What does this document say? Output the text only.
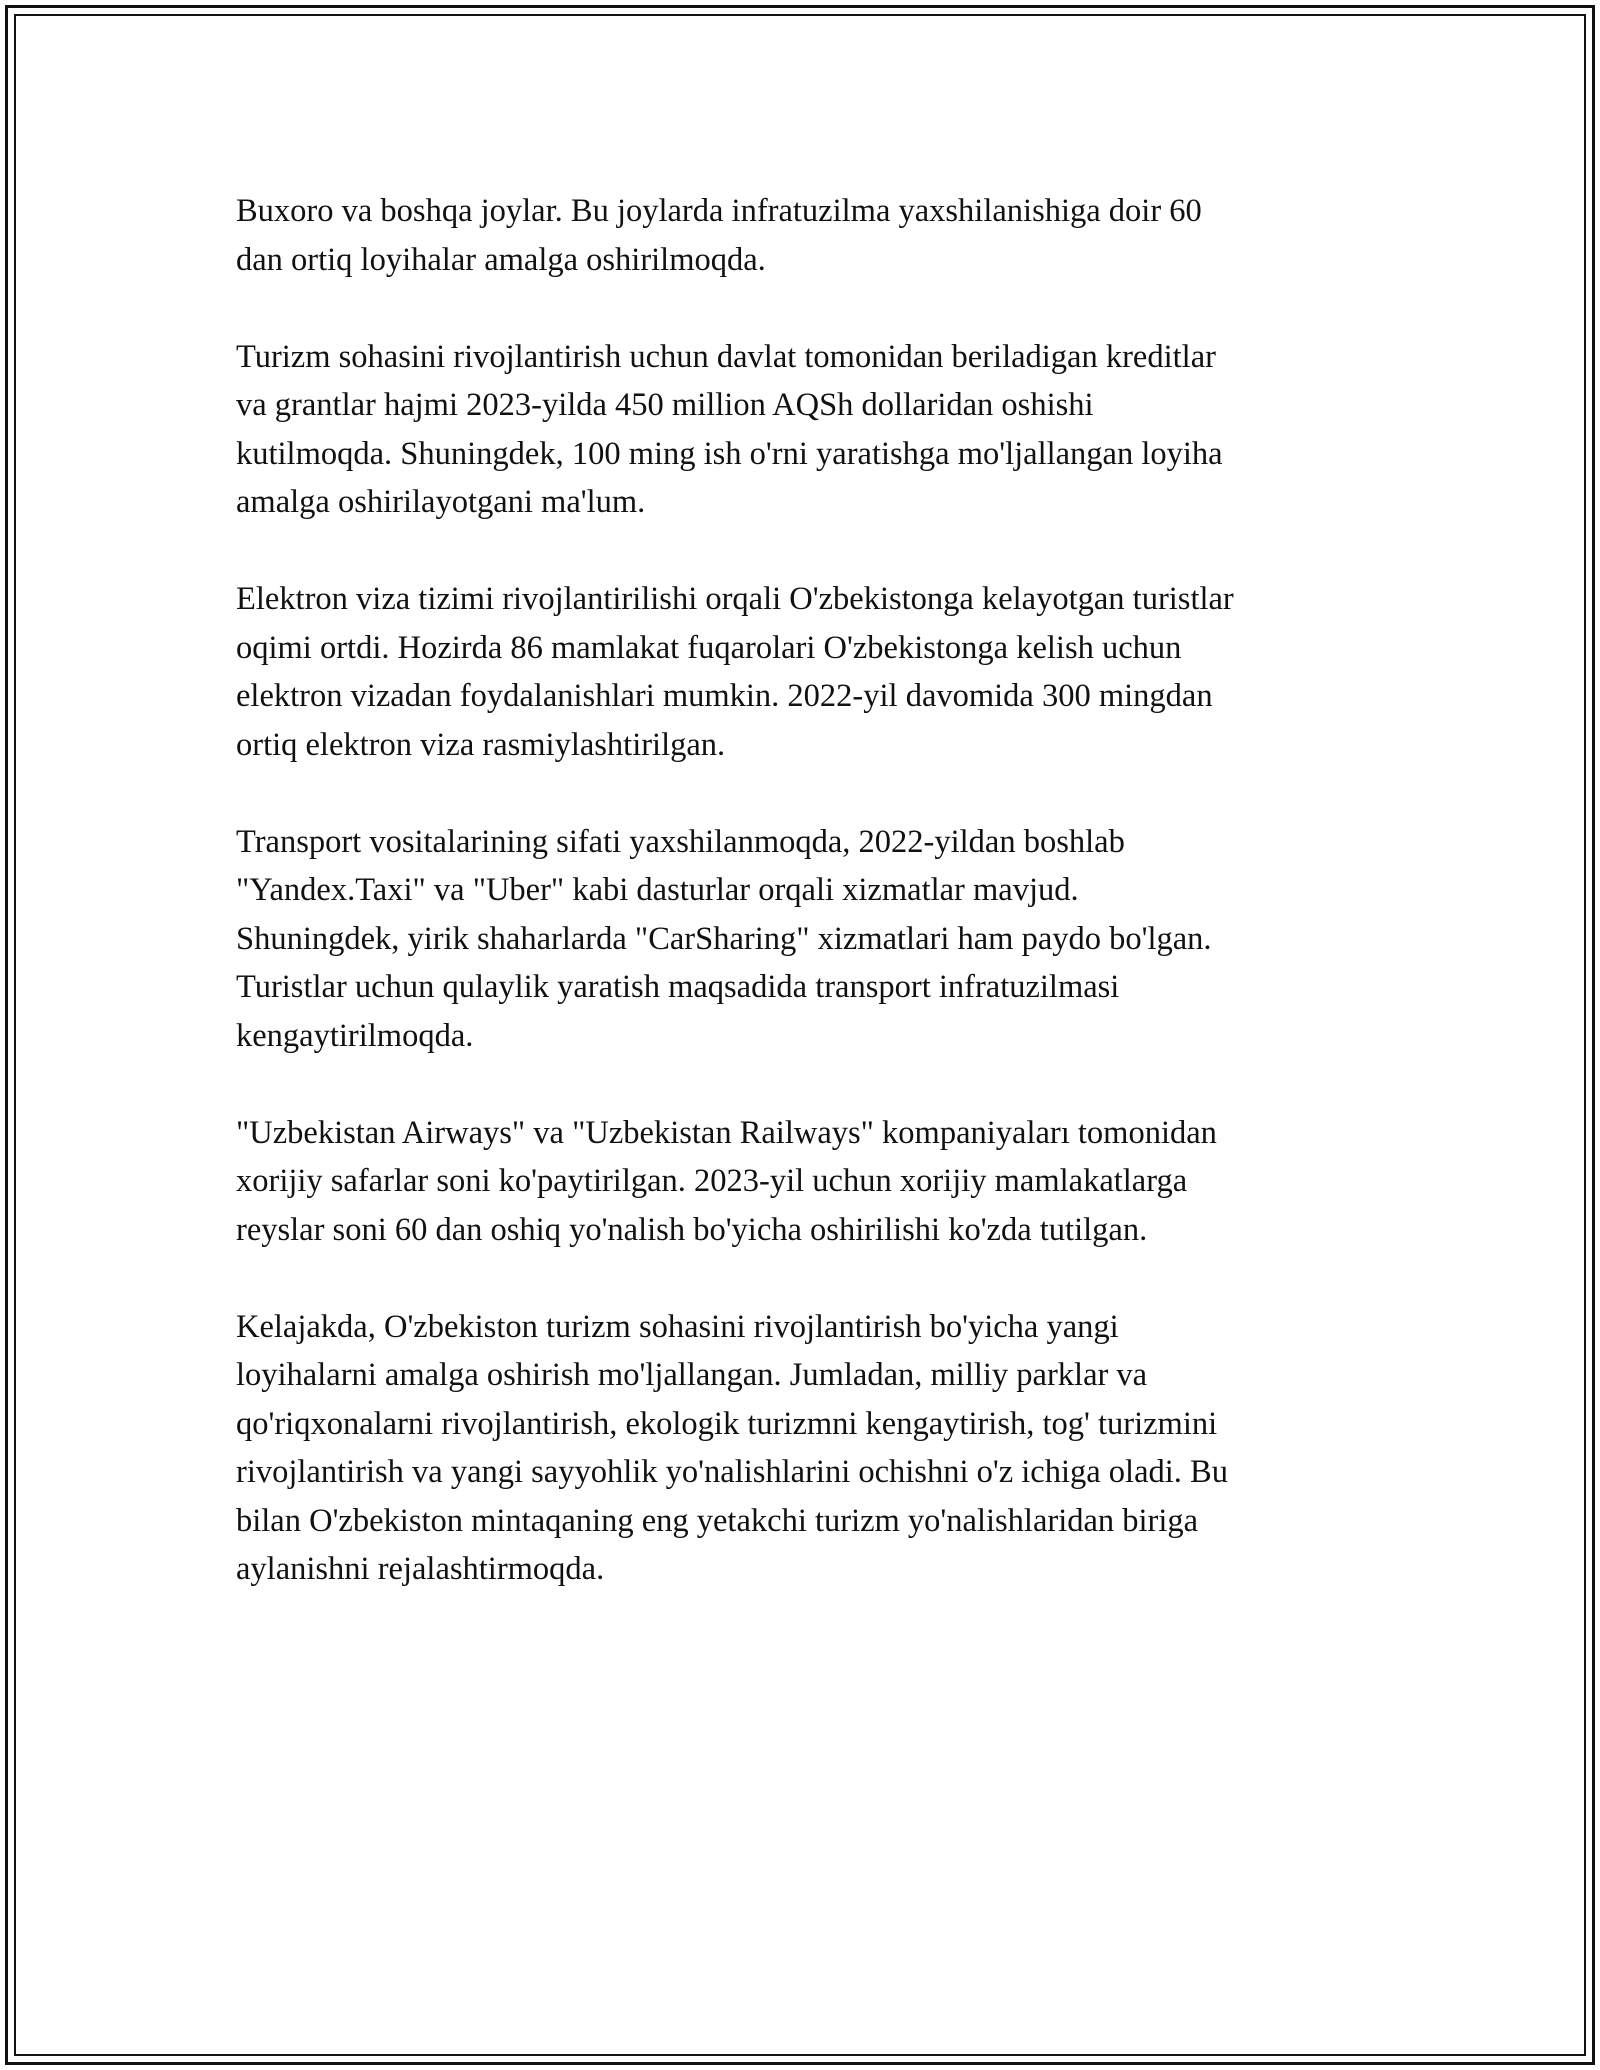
Buxoro va boshqa joylar. Bu joylarda infratuzilma yaxshilanishiga doir 60
dan ortiq loyihalar amalga oshirilmoqda.

Turizm sohasini rivojlantirish uchun davlat tomonidan beriladigan kreditlar
va grantlar hajmi 2023-yilda 450 million AQSh dollaridan oshishi
kutilmoqda. Shuningdek, 100 ming ish o'rni yaratishga mo'ljallangan loyiha
amalga oshirilayotgani ma'lum.

Elektron viza tizimi rivojlantirilishi orqali O'zbekistonga kelayotgan turistlar
oqimi ortdi. Hozirda 86 mamlakat fuqarolari O'zbekistonga kelish uchun
elektron vizadan foydalanishlari mumkin. 2022-yil davomida 300 mingdan
ortiq elektron viza rasmiylashtirilgan.

Transport vositalarining sifati yaxshilanmoqda, 2022-yildan boshlab
"Yandex.Taxi" va "Uber" kabi dasturlar orqali xizmatlar mavjud.
Shuningdek, yirik shaharlarda "CarSharing" xizmatlari ham paydo bo'lgan.
Turistlar uchun qulaylik yaratish maqsadida transport infratuzilmasi
kengaytirilmoqda.

"Uzbekistan Airways" va "Uzbekistan Railways" kompaniyaları tomonidan
xorijiy safarlar soni ko'paytirilgan. 2023-yil uchun xorijiy mamlakatlarga
reyslar soni 60 dan oshiq yo'nalish bo'yicha oshirilishi ko'zda tutilgan.

Kelajakda, O'zbekiston turizm sohasini rivojlantirish bo'yicha yangi
loyihalarni amalga oshirish mo'ljallangan. Jumladan, milliy parklar va
qo'riqxonalarni rivojlantirish, ekologik turizmni kengaytirish, tog' turizmini
rivojlantirish va yangi sayyohlik yo'nalishlarini ochishni o'z ichiga oladi. Bu
bilan O'zbekiston mintaqaning eng yetakchi turizm yo'nalishlaridan biriga
aylanishni rejalashtirmoqda.
